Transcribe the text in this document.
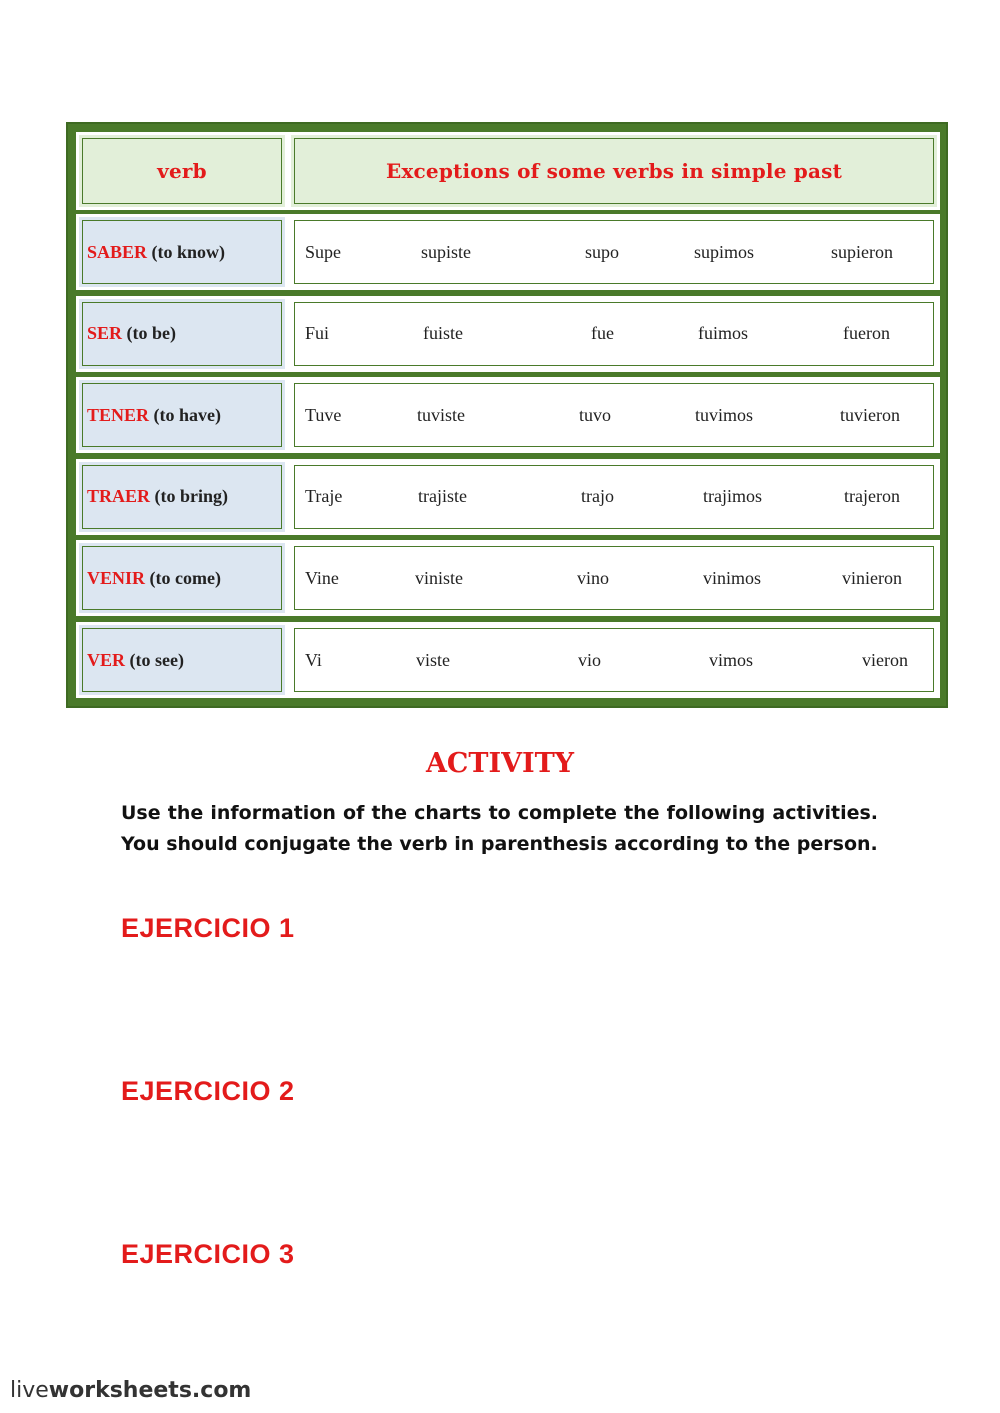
verb	Exceptions of some verbs in simple past
SABER (to know)	Supe	supiste	supo	supimos	supieron
SER (to be)	Fui	fuiste	fue	fuimos	fueron
TENER (to have)	Tuve	tuviste	tuvo	tuvimos	tuvieron
TRAER (to bring)	Traje	trajiste	trajo	trajimos	trajeron
VENIR (to come)	Vine	viniste	vino	vinimos	vinieron
VER (to see)	Vi	viste	vio	vimos	vieron
ACTIVITY
Use the information of the charts to complete the following activities. You should conjugate the verb in parenthesis according to the person.
EJERCICIO 1
EJERCICIO 2
EJERCICIO 3
liveworksheets.com
